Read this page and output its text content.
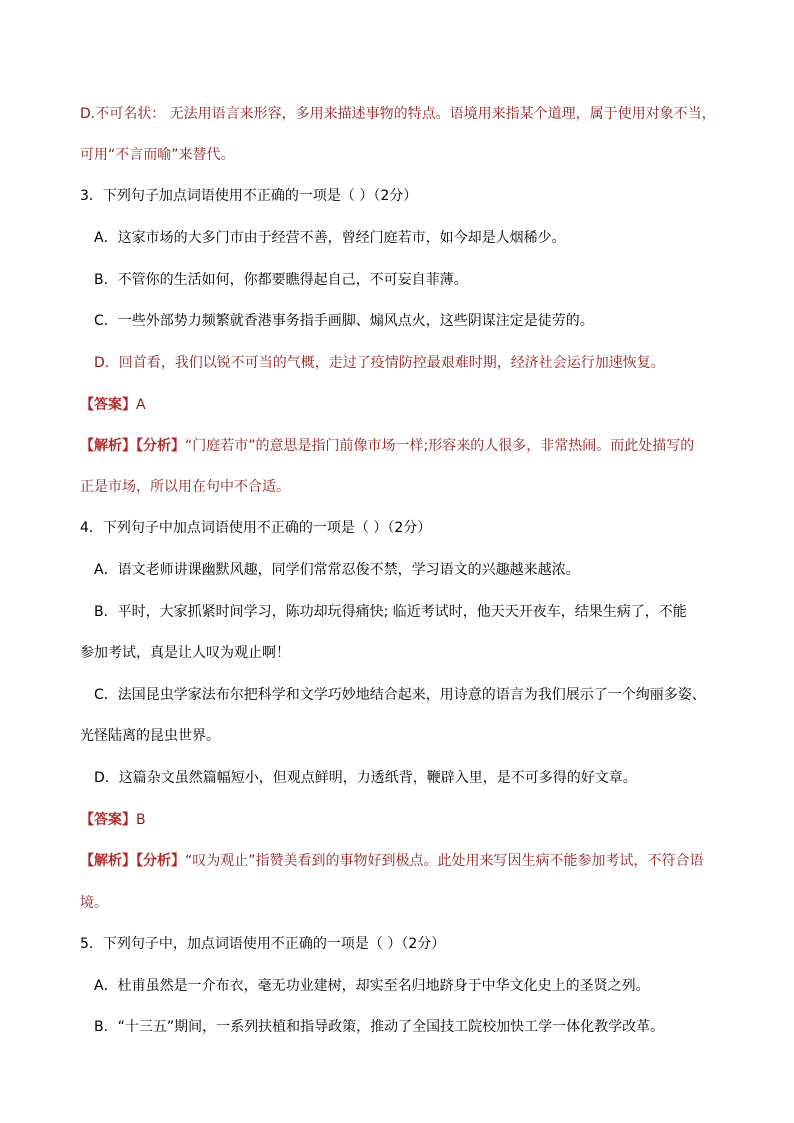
D.不可名状： 无法用语言来形容，多用来描述事物的特点。语境用来指某个道理，属于使用对象不当，
可用“不言而喻”来替代。
3．下列句子加点词语使用不正确的一项是（ ）（2分）
A．这家市场的大多门市由于经营不善，曾经门庭若市，如今却是人烟稀少。
B．不管你的生活如何，你都要瞧得起自己，不可妄自菲薄。
C．一些外部势力频繁就香港事务指手画脚、煽风点火，这些阴谋注定是徒劳的。
D．回首看，我们以锐不可当的气概，走过了疫情防控最艰难时期，经济社会运行加速恢复。
【答案】A
【解析】【分析】“门庭若市”的意思是指门前像市场一样;形容来的人很多，非常热闹。而此处描写的
正是市场，所以用在句中不合适。
4．下列句子中加点词语使用不正确的一项是（ ）（2分）
A．语文老师讲课幽默风趣，同学们常常忍俊不禁，学习语文的兴趣越来越浓。
B．平时，大家抓紧时间学习，陈功却玩得痛快; 临近考试时，他天天开夜车，结果生病了，不能
参加考试，真是让人叹为观止啊！
C．法国昆虫学家法布尔把科学和文学巧妙地结合起来，用诗意的语言为我们展示了一个绚丽多姿、
光怪陆离的昆虫世界。
D．这篇杂文虽然篇幅短小，但观点鲜明，力透纸背，鞭辟入里，是不可多得的好文章。
【答案】B
【解析】【分析】“叹为观止”指赞美看到的事物好到极点。此处用来写因生病不能参加考试，不符合语
境。
5．下列句子中，加点词语使用不正确的一项是（ ）（2分）
A．杜甫虽然是一介布衣，毫无功业建树，却实至名归地跻身于中华文化史上的圣贤之列。
B．“十三五”期间，一系列扶植和指导政策，推动了全国技工院校加快工学一体化教学改革。
